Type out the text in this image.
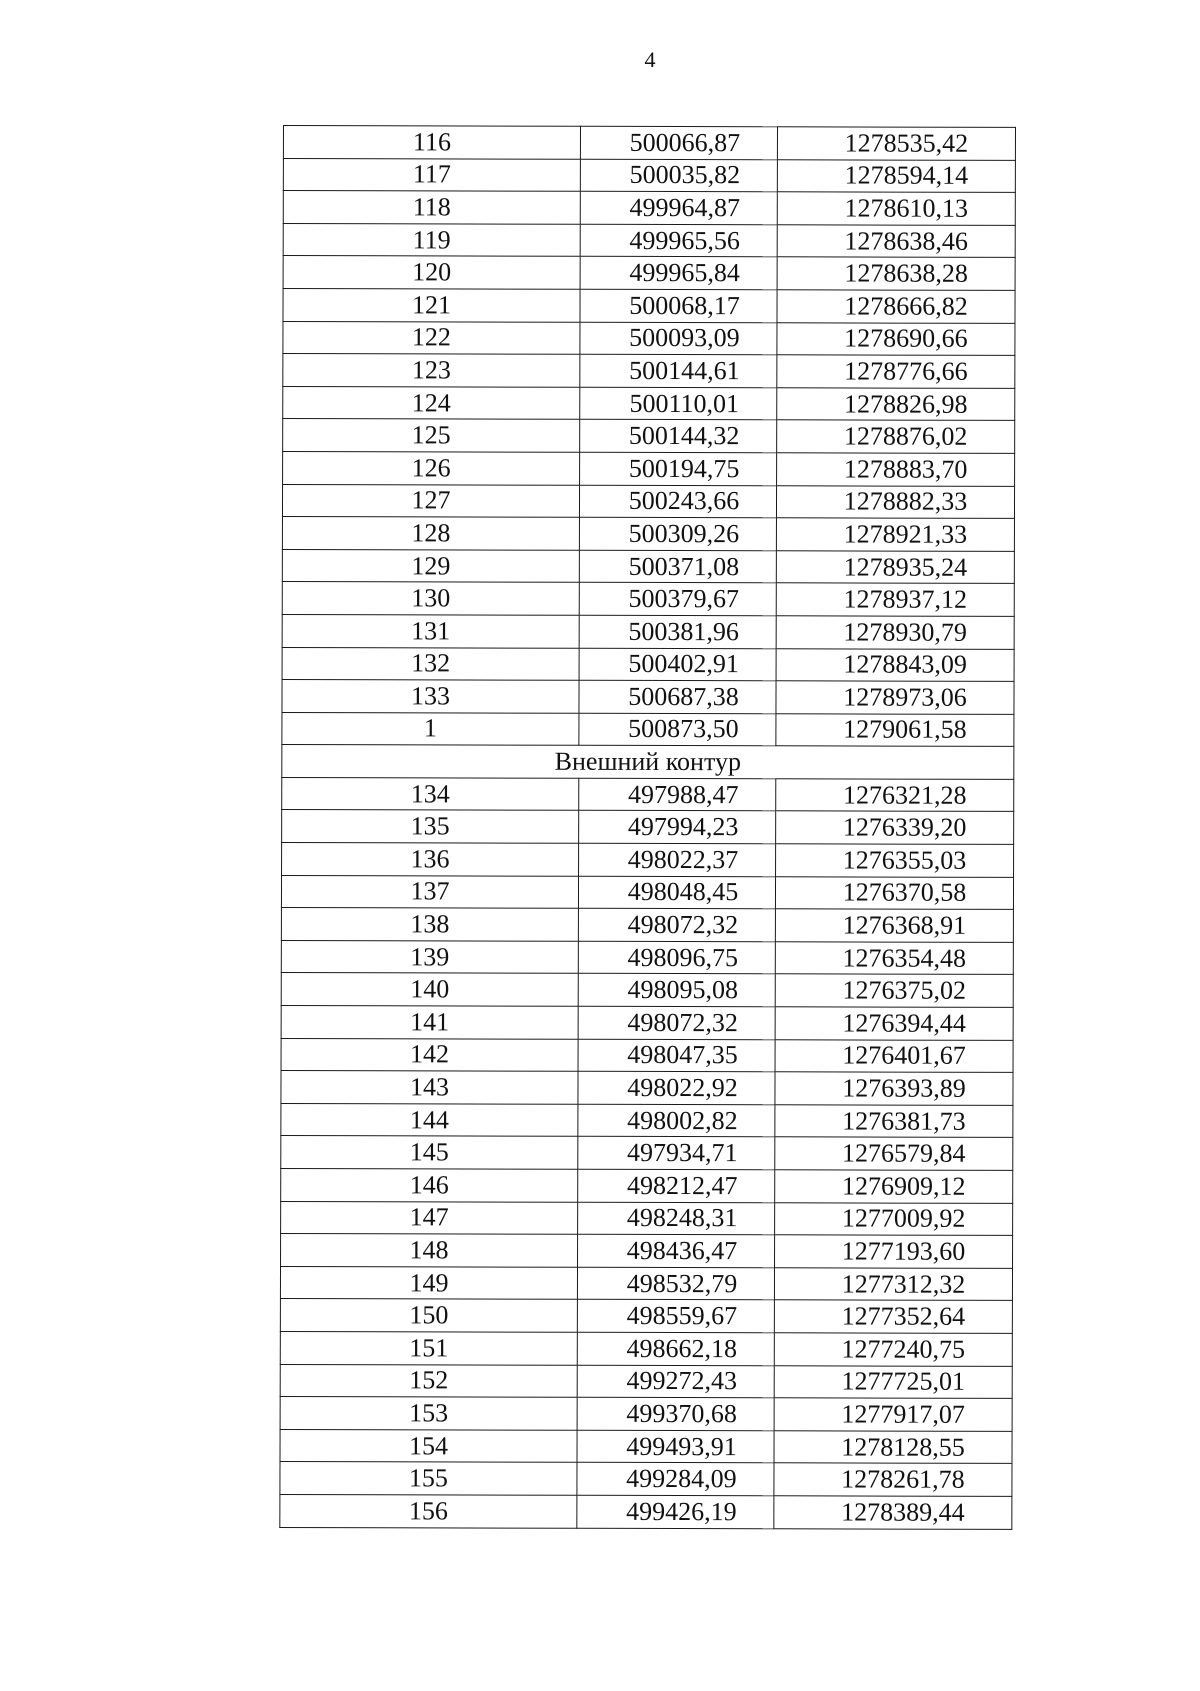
4
116	500066,87	1278535,42
117	500035,82	1278594,14
118	499964,87	1278610,13
119	499965,56	1278638,46
120	499965,84	1278638,28
121	500068,17	1278666,82
122	500093,09	1278690,66
123	500144,61	1278776,66
124	500110,01	1278826,98
125	500144,32	1278876,02
126	500194,75	1278883,70
127	500243,66	1278882,33
128	500309,26	1278921,33
129	500371,08	1278935,24
130	500379,67	1278937,12
131	500381,96	1278930,79
132	500402,91	1278843,09
133	500687,38	1278973,06
1	500873,50	1279061,58
Внешний контур		
134	497988,47	1276321,28
135	497994,23	1276339,20
136	498022,37	1276355,03
137	498048,45	1276370,58
138	498072,32	1276368,91
139	498096,75	1276354,48
140	498095,08	1276375,02
141	498072,32	1276394,44
142	498047,35	1276401,67
143	498022,92	1276393,89
144	498002,82	1276381,73
145	497934,71	1276579,84
146	498212,47	1276909,12
147	498248,31	1277009,92
148	498436,47	1277193,60
149	498532,79	1277312,32
150	498559,67	1277352,64
151	498662,18	1277240,75
152	499272,43	1277725,01
153	499370,68	1277917,07
154	499493,91	1278128,55
155	499284,09	1278261,78
156	499426,19	1278389,44
